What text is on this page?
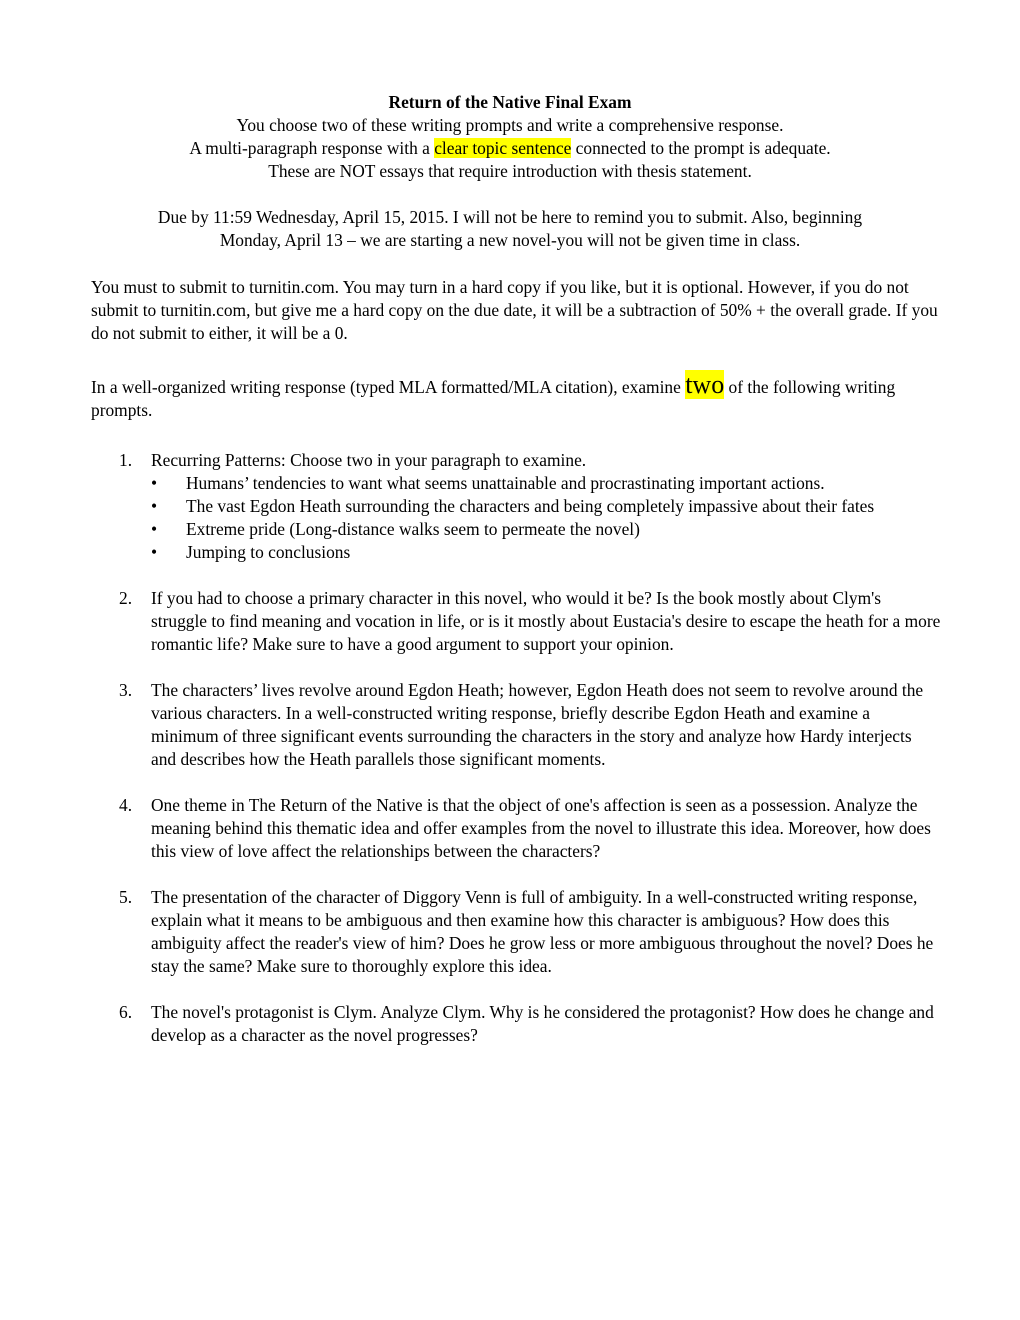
Return of the Native Final Exam
You choose two of these writing prompts and write a comprehensive response.
A multi-paragraph response with a clear topic sentence connected to the prompt is adequate.
These are NOT essays that require introduction with thesis statement.
Due by 11:59 Wednesday, April 15, 2015. I will not be here to remind you to submit. Also, beginning
Monday, April 13 – we are starting a new novel-you will not be given time in class.
You must to submit to turnitin.com. You may turn in a hard copy if you like, but it is optional. However, if you do not submit to turnitin.com, but give me a hard copy on the due date, it will be a subtraction of 50% + the overall grade. If you do not submit to either, it will be a 0.
In a well-organized writing response (typed MLA formatted/MLA citation), examine two of the following writing prompts.
1. Recurring Patterns: Choose two in your paragraph to examine.
• Humans’ tendencies to want what seems unattainable and procrastinating important actions.
• The vast Egdon Heath surrounding the characters and being completely impassive about their fates
• Extreme pride (Long-distance walks seem to permeate the novel)
• Jumping to conclusions
2. If you had to choose a primary character in this novel, who would it be? Is the book mostly about Clym's struggle to find meaning and vocation in life, or is it mostly about Eustacia's desire to escape the heath for a more romantic life? Make sure to have a good argument to support your opinion.
3. The characters’ lives revolve around Egdon Heath; however, Egdon Heath does not seem to revolve around the various characters. In a well-constructed writing response, briefly describe Egdon Heath and examine a minimum of three significant events surrounding the characters in the story and analyze how Hardy interjects and describes how the Heath parallels those significant moments.
4. One theme in The Return of the Native is that the object of one's affection is seen as a possession. Analyze the meaning behind this thematic idea and offer examples from the novel to illustrate this idea. Moreover, how does this view of love affect the relationships between the characters?
5. The presentation of the character of Diggory Venn is full of ambiguity. In a well-constructed writing response, explain what it means to be ambiguous and then examine how this character is ambiguous? How does this ambiguity affect the reader's view of him? Does he grow less or more ambiguous throughout the novel? Does he stay the same? Make sure to thoroughly explore this idea.
6. The novel's protagonist is Clym. Analyze Clym. Why is he considered the protagonist? How does he change and develop as a character as the novel progresses?
